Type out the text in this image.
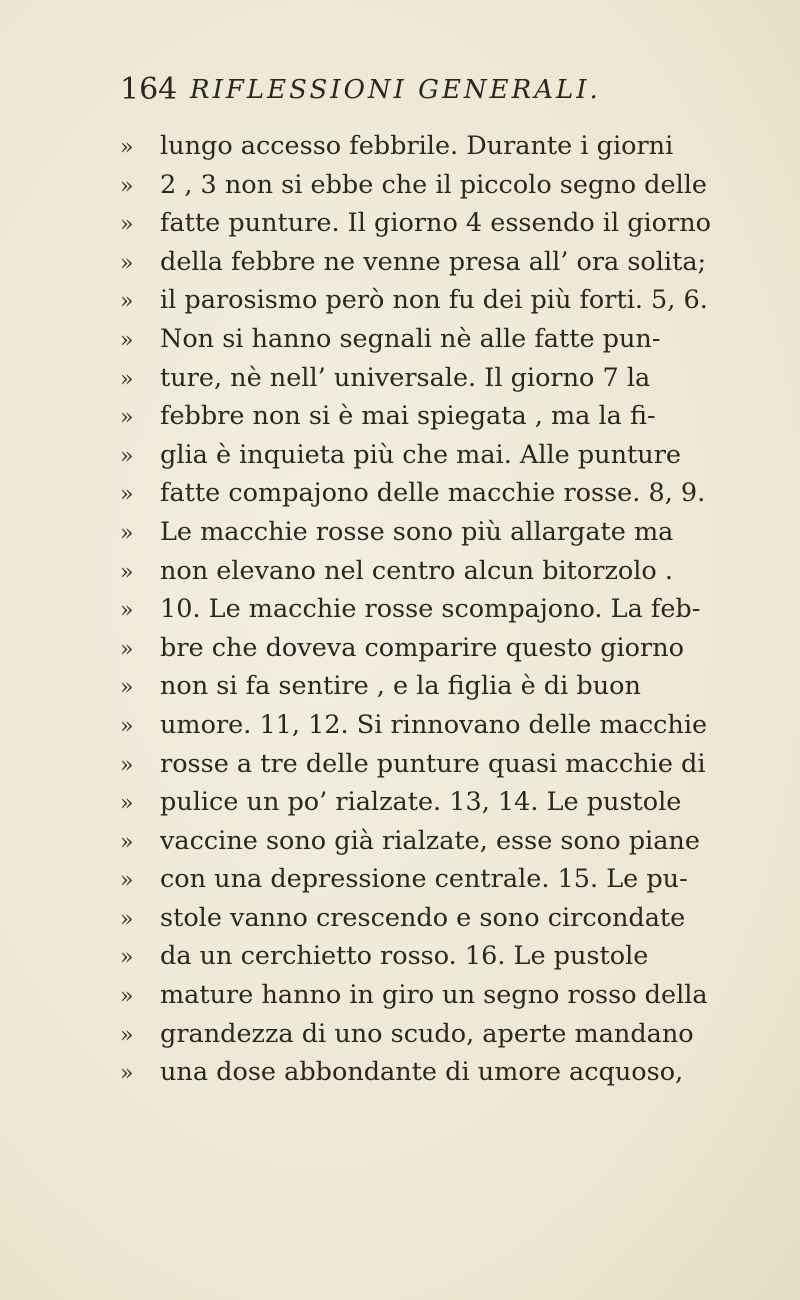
164 RIFLESSIONI GENERALI.
» lungo accesso febbrile. Durante i giorni
» 2 , 3 non si ebbe che il piccolo segno delle
» fatte punture. Il giorno 4 essendo il giorno
» della febbre ne venne presa all’ ora solita;
» il parosismo però non fu dei più forti. 5, 6.
» Non si hanno segnali nè alle fatte pun-
» ture, nè nell’ universale. Il giorno 7 la
» febbre non si è mai spiegata , ma la fi-
» glia è inquieta più che mai. Alle punture
» fatte compajono delle macchie rosse. 8, 9.
» Le macchie rosse sono più allargate ma
» non elevano nel centro alcun bitorzolo .
» 10. Le macchie rosse scompajono. La feb-
» bre che doveva comparire questo giorno
» non si fa sentire , e la figlia è di buon
» umore. 11, 12. Si rinnovano delle macchie
» rosse a tre delle punture quasi macchie di
» pulice un po’ rialzate. 13, 14. Le pustole
» vaccine sono già rialzate, esse sono piane
» con una depressione centrale. 15. Le pu-
» stole vanno crescendo e sono circondate
» da un cerchietto rosso. 16. Le pustole
» mature hanno in giro un segno rosso della
» grandezza di uno scudo, aperte mandano
» una dose abbondante di umore acquoso,
